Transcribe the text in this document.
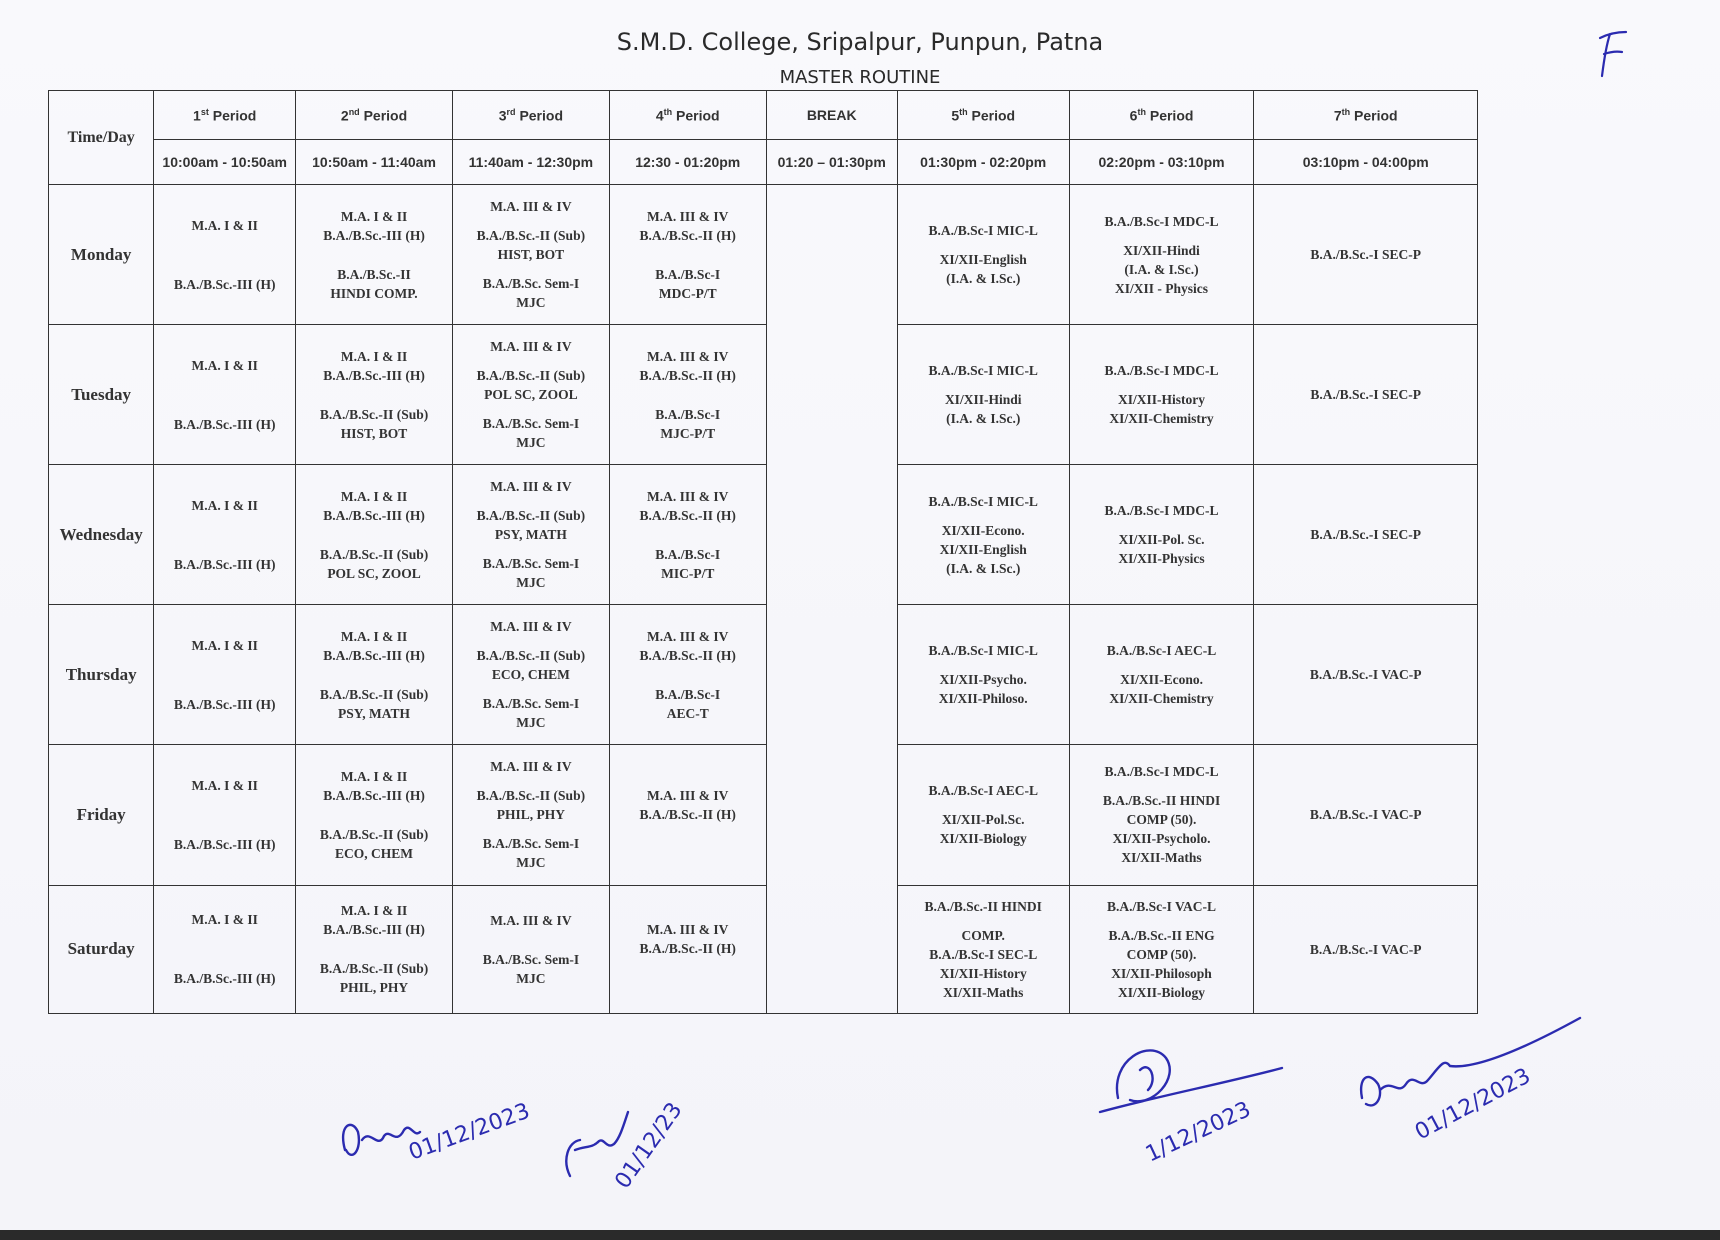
S.M.D. College, Sripalpur, Punpun, Patna
MASTER ROUTINE
Time/Day	1st Period	2nd Period	3rd Period	4th Period	BREAK	5th Period	6th Period	7th Period
	10:00am - 10:50am	10:50am - 11:40am	11:40am - 12:30pm	12:30 - 01:20pm	01:20 – 01:30pm	01:30pm - 02:20pm	02:20pm - 03:10pm	03:10pm - 04:00pm
Monday	M.A. I & II
B.A./B.Sc.-III (H)	M.A. I & II
B.A./B.Sc.-III (H)
B.A./B.Sc.-II
HINDI COMP.	M.A. III & IV
B.A./B.Sc.-II (Sub)
HIST, BOT
B.A./B.Sc. Sem-I
MJC	M.A. III & IV
B.A./B.Sc.-II (H)
B.A./B.Sc-I
MDC-P/T		B.A./B.Sc-I MIC-L
XI/XII-English
(I.A. & I.Sc.)	B.A./B.Sc-I MDC-L
XI/XII-Hindi
(I.A. & I.Sc.)
XI/XII - Physics	B.A./B.Sc.-I SEC-P
Tuesday	M.A. I & II
B.A./B.Sc.-III (H)	M.A. I & II
B.A./B.Sc.-III (H)
B.A./B.Sc.-II (Sub)
HIST, BOT	M.A. III & IV
B.A./B.Sc.-II (Sub)
POL SC, ZOOL
B.A./B.Sc. Sem-I
MJC	M.A. III & IV
B.A./B.Sc.-II (H)
B.A./B.Sc-I
MJC-P/T		B.A./B.Sc-I MIC-L
XI/XII-Hindi
(I.A. & I.Sc.)	B.A./B.Sc-I MDC-L
XI/XII-History
XI/XII-Chemistry	B.A./B.Sc.-I SEC-P
Wednesday	M.A. I & II
B.A./B.Sc.-III (H)	M.A. I & II
B.A./B.Sc.-III (H)
B.A./B.Sc.-II (Sub)
POL SC, ZOOL	M.A. III & IV
B.A./B.Sc.-II (Sub)
PSY, MATH
B.A./B.Sc. Sem-I
MJC	M.A. III & IV
B.A./B.Sc.-II (H)
B.A./B.Sc-I
MIC-P/T		B.A./B.Sc-I MIC-L
XI/XII-Econo.
XI/XII-English
(I.A. & I.Sc.)	B.A./B.Sc-I MDC-L
XI/XII-Pol. Sc.
XI/XII-Physics	B.A./B.Sc.-I SEC-P
Thursday	M.A. I & II
B.A./B.Sc.-III (H)	M.A. I & II
B.A./B.Sc.-III (H)
B.A./B.Sc.-II (Sub)
PSY, MATH	M.A. III & IV
B.A./B.Sc.-II (Sub)
ECO, CHEM
B.A./B.Sc. Sem-I
MJC	M.A. III & IV
B.A./B.Sc.-II (H)
B.A./B.Sc-I
AEC-T		B.A./B.Sc-I MIC-L
XI/XII-Psycho.
XI/XII-Philoso.	B.A./B.Sc-I AEC-L
XI/XII-Econo.
XI/XII-Chemistry	B.A./B.Sc.-I VAC-P
Friday	M.A. I & II
B.A./B.Sc.-III (H)	M.A. I & II
B.A./B.Sc.-III (H)
B.A./B.Sc.-II (Sub)
ECO, CHEM	M.A. III & IV
B.A./B.Sc.-II (Sub)
PHIL, PHY
B.A./B.Sc. Sem-I
MJC	M.A. III & IV
B.A./B.Sc.-II (H)		B.A./B.Sc-I AEC-L
XI/XII-Pol.Sc.
XI/XII-Biology	B.A./B.Sc-I MDC-L
B.A./B.Sc.-II HINDI
COMP (50).
XI/XII-Psycholo.
XI/XII-Maths	B.A./B.Sc.-I VAC-P
Saturday	M.A. I & II
B.A./B.Sc.-III (H)	M.A. I & II
B.A./B.Sc.-III (H)
B.A./B.Sc.-II (Sub)
PHIL, PHY	M.A. III & IV
B.A./B.Sc. Sem-I
MJC	M.A. III & IV
B.A./B.Sc.-II (H)		B.A./B.Sc.-II HINDI
COMP.
B.A./B.Sc-I SEC-L
XI/XII-History
XI/XII-Maths	B.A./B.Sc-I VAC-L
B.A./B.Sc.-II ENG
COMP (50).
XI/XII-Philosoph
XI/XII-Biology	B.A./B.Sc.-I VAC-P
01/12/2023	01/12/23	1/12/2023	01/12/2023
